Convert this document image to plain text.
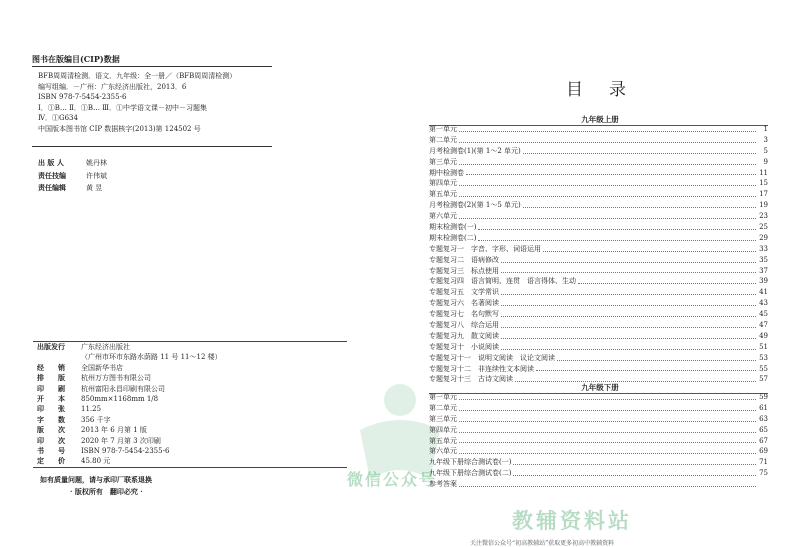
图书在版编目(CIP)数据
BFB周周清检测．语文．九年级：全一册／（BFB周周清检测）
编写组编．－广州：广东经济出版社，2013．6
ISBN 978-7-5454-2355-6
Ⅰ．①B… Ⅱ．①B… Ⅲ．①中学语文课－初中－习题集
Ⅳ．①G634
中国版本图书馆 CIP 数据核字(2013)第 124502 号
出 版 人	姚丹林
责任技编	许伟斌
责任编辑	黄 昱
出版发行	广东经济出版社
（广州市环市东路水荫路 11 号 11～12 楼）
经　　销	全国新华书店
排　　版	杭州万方图书有限公司
印　　刷	杭州富阳永昌印刷有限公司
开　　本	850mm×1168mm 1/8
印　　张	11.25
字　　数	356 千字
版　　次	2013 年 6 月第 1 版
印　　次	2020 年 7 月第 3 次印刷
书　　号	ISBN 978-7-5454-2355-6
定　　价	45.80 元
如有质量问题，请与承印厂联系退换
· 版权所有　翻印必究 ·
微信公众号
教辅资料站
目录
九年级上册
第一单元	1
第二单元	3
月考检测卷(1)(第 1～2 单元)	5
第三单元	9
期中检测卷	11
第四单元	15
第五单元	17
月考检测卷(2)(第 1～5 单元)	19
第六单元	23
期末检测卷(一)	25
期末检测卷(二)	29
专题复习一　字音、字形、词语运用	33
专题复习二　语病修改	35
专题复习三　标点使用	37
专题复习四　语言简明、连贯　语言得体、生动	39
专题复习五　文学常识	41
专题复习六　名著阅读	43
专题复习七　名句默写	45
专题复习八　综合运用	47
专题复习九　散文阅读	49
专题复习十　小说阅读	51
专题复习十一　说明文阅读　议论文阅读	53
专题复习十二　非连续性文本阅读	55
专题复习十三　古诗文阅读	57
九年级下册
第一单元	59
第二单元	61
第三单元	63
第四单元	65
第五单元	67
第六单元	69
九年级下册综合测试卷(一)	71
九年级下册综合测试卷(二)	75
参考答案
关注微信公众号“初高教辅站”获取更多初高中教辅资料
